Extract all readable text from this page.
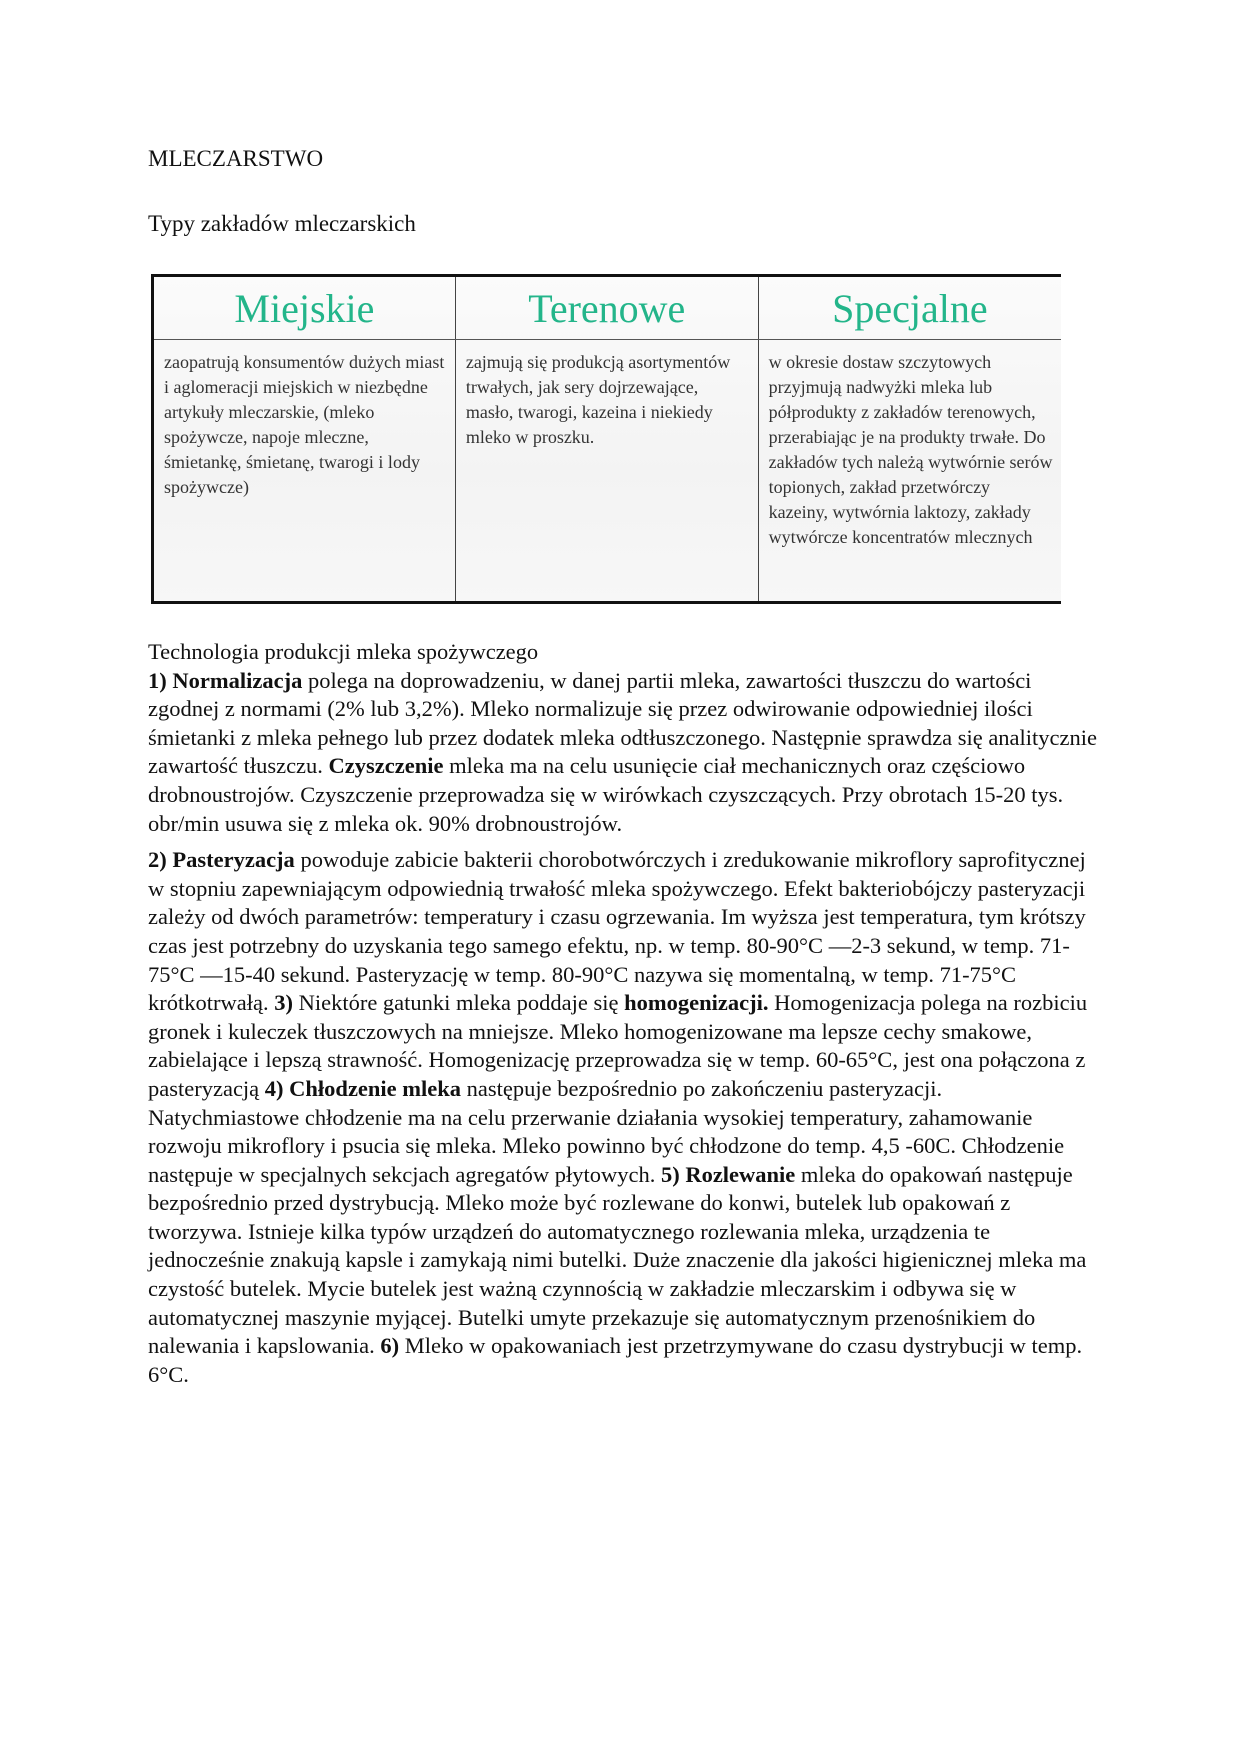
MLECZARSTWO
Typy zakładów mleczarskich
Miejskie	Terenowe	Specjalne
zaopatrują konsumentów dużych miast i aglomeracji miejskich w niezbędne artykuły mleczarskie, (mleko spożywcze, napoje mleczne, śmietankę, śmietanę, twarogi i lody spożywcze)	zajmują się produkcją asortymentów trwałych, jak sery dojrzewające, masło, twarogi, kazeina i niekiedy mleko w proszku.	w okresie dostaw szczytowych przyjmują nadwyżki mleka lub półprodukty z zakładów terenowych, przerabiając je na produkty trwałe. Do zakładów tych należą wytwórnie serów topionych, zakład przetwórczy kazeiny, wytwórnia laktozy, zakłady wytwórcze koncentratów mlecznych

Technologia produkcji mleka spożywczego

1) Normalizacja polega na doprowadzeniu, w danej partii mleka, zawartości tłuszczu do wartości zgodnej z normami (2% lub 3,2%). Mleko normalizuje się przez odwirowanie odpowiedniej ilości śmietanki z mleka pełnego lub przez dodatek mleka odtłuszczonego. Następnie sprawdza się analitycznie zawartość tłuszczu. Czyszczenie mleka ma na celu usunięcie ciał mechanicznych oraz częściowo drobnoustrojów. Czyszczenie przeprowadza się w wirówkach czyszczących. Przy obrotach 15-20 tys. obr/min usuwa się z mleka ok. 90% drobnoustrojów.

2) Pasteryzacja powoduje zabicie bakterii chorobotwórczych i zredukowanie mikroflory saprofitycznej w stopniu zapewniającym odpowiednią trwałość mleka spożywczego. Efekt bakteriobójczy pasteryzacji zależy od dwóch parametrów: temperatury i czasu ogrzewania. Im wyższa jest temperatura, tym krótszy czas jest potrzebny do uzyskania tego samego efektu, np. w temp. 80-90°C —2-3 sekund, w temp. 71-75°C —15-40 sekund. Pasteryzację w temp. 80-90°C nazywa się momentalną, w temp. 71-75°C krótkotrwałą. 3) Niektóre gatunki mleka poddaje się homogenizacji. Homogenizacja polega na rozbiciu gronek i kuleczek tłuszczowych na mniejsze. Mleko homogenizowane ma lepsze cechy smakowe, zabielające i lepszą strawność. Homogenizację przeprowadza się w temp. 60-65°C, jest ona połączona z pasteryzacją 4) Chłodzenie mleka następuje bezpośrednio po zakończeniu pasteryzacji. Natychmiastowe chłodzenie ma na celu przerwanie działania wysokiej temperatury, zahamowanie rozwoju mikroflory i psucia się mleka. Mleko powinno być chłodzone do temp. 4,5 -60C. Chłodzenie następuje w specjalnych sekcjach agregatów płytowych. 5) Rozlewanie mleka do opakowań następuje bezpośrednio przed dystrybucją. Mleko może być rozlewane do konwi, butelek lub opakowań z tworzywa. Istnieje kilka typów urządzeń do automatycznego rozlewania mleka, urządzenia te jednocześnie znakują kapsle i zamykają nimi butelki. Duże znaczenie dla jakości higienicznej mleka ma czystość butelek. Mycie butelek jest ważną czynnością w zakładzie mleczarskim i odbywa się w automatycznej maszynie myjącej. Butelki umyte przekazuje się automatycznym przenośnikiem do nalewania i kapslowania. 6) Mleko w opakowaniach jest przetrzymywane do czasu dystrybucji w temp. 6°C.
